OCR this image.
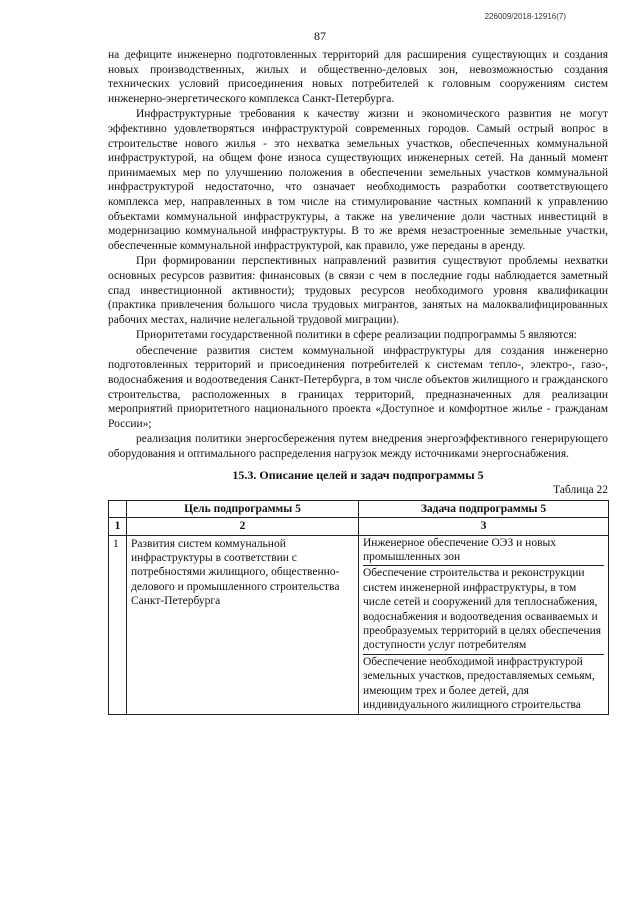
226009/2018-12916(7)
87

на дефиците инженерно подготовленных территорий для расширения существующих и создания новых производственных, жилых и общественно-деловых зон, невозможностью создания технических условий присоединения новых потребителей к головным сооружениям систем инженерно-энергетического комплекса Санкт-Петербурга.

Инфраструктурные требования к качеству жизни и экономического развития не могут эффективно удовлетворяться инфраструктурой современных городов. Самый острый вопрос в строительстве нового жилья - это нехватка земельных участков, обеспеченных коммунальной инфраструктурой, на общем фоне износа существующих инженерных сетей. На данный момент принимаемых мер по улучшению положения в обеспечении земельных участков коммунальной инфраструктурой недостаточно, что означает необходимость разработки соответствующего комплекса мер, направленных в том числе на стимулирование частных компаний к управлению объектами коммунальной инфраструктуры, а также на увеличение доли частных инвестиций в модернизацию коммунальной инфраструктуры. В то же время незастроенные земельные участки, обеспеченные коммунальной инфраструктурой, как правило, уже переданы в аренду.

При формировании перспективных направлений развития существуют проблемы нехватки основных ресурсов развития: финансовых (в связи с чем в последние годы наблюдается заметный спад инвестиционной активности); трудовых ресурсов необходимого уровня квалификации (практика привлечения большого числа трудовых мигрантов, занятых на малоквалифицированных рабочих местах, наличие нелегальной трудовой миграции).

Приоритетами государственной политики в сфере реализации подпрограммы 5 являются:

обеспечение развития систем коммунальной инфраструктуры для создания инженерно подготовленных территорий и присоединения потребителей к системам тепло-, электро-, газо-, водоснабжения и водоотведения Санкт-Петербурга, в том числе объектов жилищного и гражданского строительства, расположенных в границах территорий, предназначенных для реализации мероприятий приоритетного национального проекта «Доступное и комфортное жилье - гражданам России»;

реализация политики энергосбережения путем внедрения энергоэффективного генерирующего оборудования и оптимального распределения нагрузок между источниками энергоснабжения.

15.3. Описание целей и задач подпрограммы 5
Таблица 22
	Цель подпрограммы 5	Задача подпрограммы 5
1	2	3
1	Развития систем коммунальной инфраструктуры в соответствии с потребностями жилищного, общественно-делового и промышленного строительства Санкт-Петербурга	Инженерное обеспечение ОЭЗ и новых промышленных зон
Обеспечение строительства и реконструкции систем инженерной инфраструктуры, в том числе сетей и сооружений для теплоснабжения, водоснабжения и водоотведения осваиваемых и преобразуемых территорий в целях обеспечения доступности услуг потребителям
Обеспечение необходимой инфраструктурой земельных участков, предоставляемых семьям, имеющим трех и более детей, для индивидуального жилищного строительства
